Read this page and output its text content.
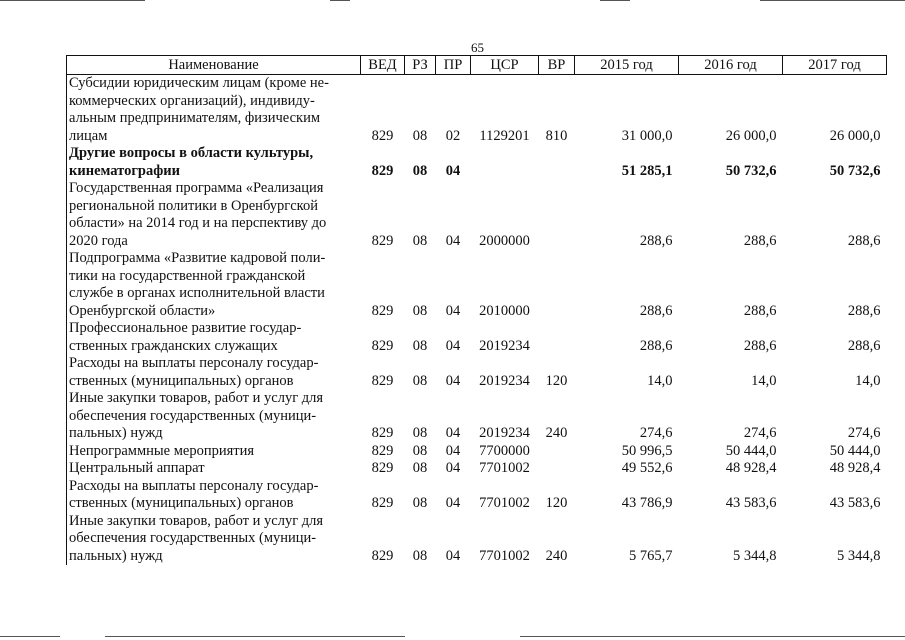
65
Наименование	ВЕД	РЗ	ПР	ЦСР	ВР	2015 год	2016 год	2017 год

Субсидии юридическим лицам (кроме не-
коммерческих организаций), индивиду-
альным предпринимателям, физическим
лицам	829	08	02	1129201	810	31 000,0	26 000,0	26 000,0

Другие вопросы в области культуры,
кинематографии	829	08	04			51 285,1	50 732,6	50 732,6

Государственная программа «Реализация
региональной политики в Оренбургской
области» на 2014 год и на перспективу до
2020 года	829	08	04	2000000		288,6	288,6	288,6

Подпрограмма «Развитие кадровой поли-
тики на государственной гражданской
службе в органах исполнительной власти
Оренбургской области»	829	08	04	2010000		288,6	288,6	288,6

Профессиональное развитие государ-
ственных гражданских служащих	829	08	04	2019234		288,6	288,6	288,6

Расходы на выплаты персоналу государ-
ственных (муниципальных) органов	829	08	04	2019234	120	14,0	14,0	14,0

Иные закупки товаров, работ и услуг для
обеспечения государственных (муници-
пальных) нужд	829	08	04	2019234	240	274,6	274,6	274,6

Непрограммные мероприятия	829	08	04	7700000		50 996,5	50 444,0	50 444,0

Центральный аппарат	829	08	04	7701002		49 552,6	48 928,4	48 928,4

Расходы на выплаты персоналу государ-
ственных (муниципальных) органов	829	08	04	7701002	120	43 786,9	43 583,6	43 583,6

Иные закупки товаров, работ и услуг для
обеспечения государственных (муници-
пальных) нужд	829	08	04	7701002	240	5 765,7	5 344,8	5 344,8
